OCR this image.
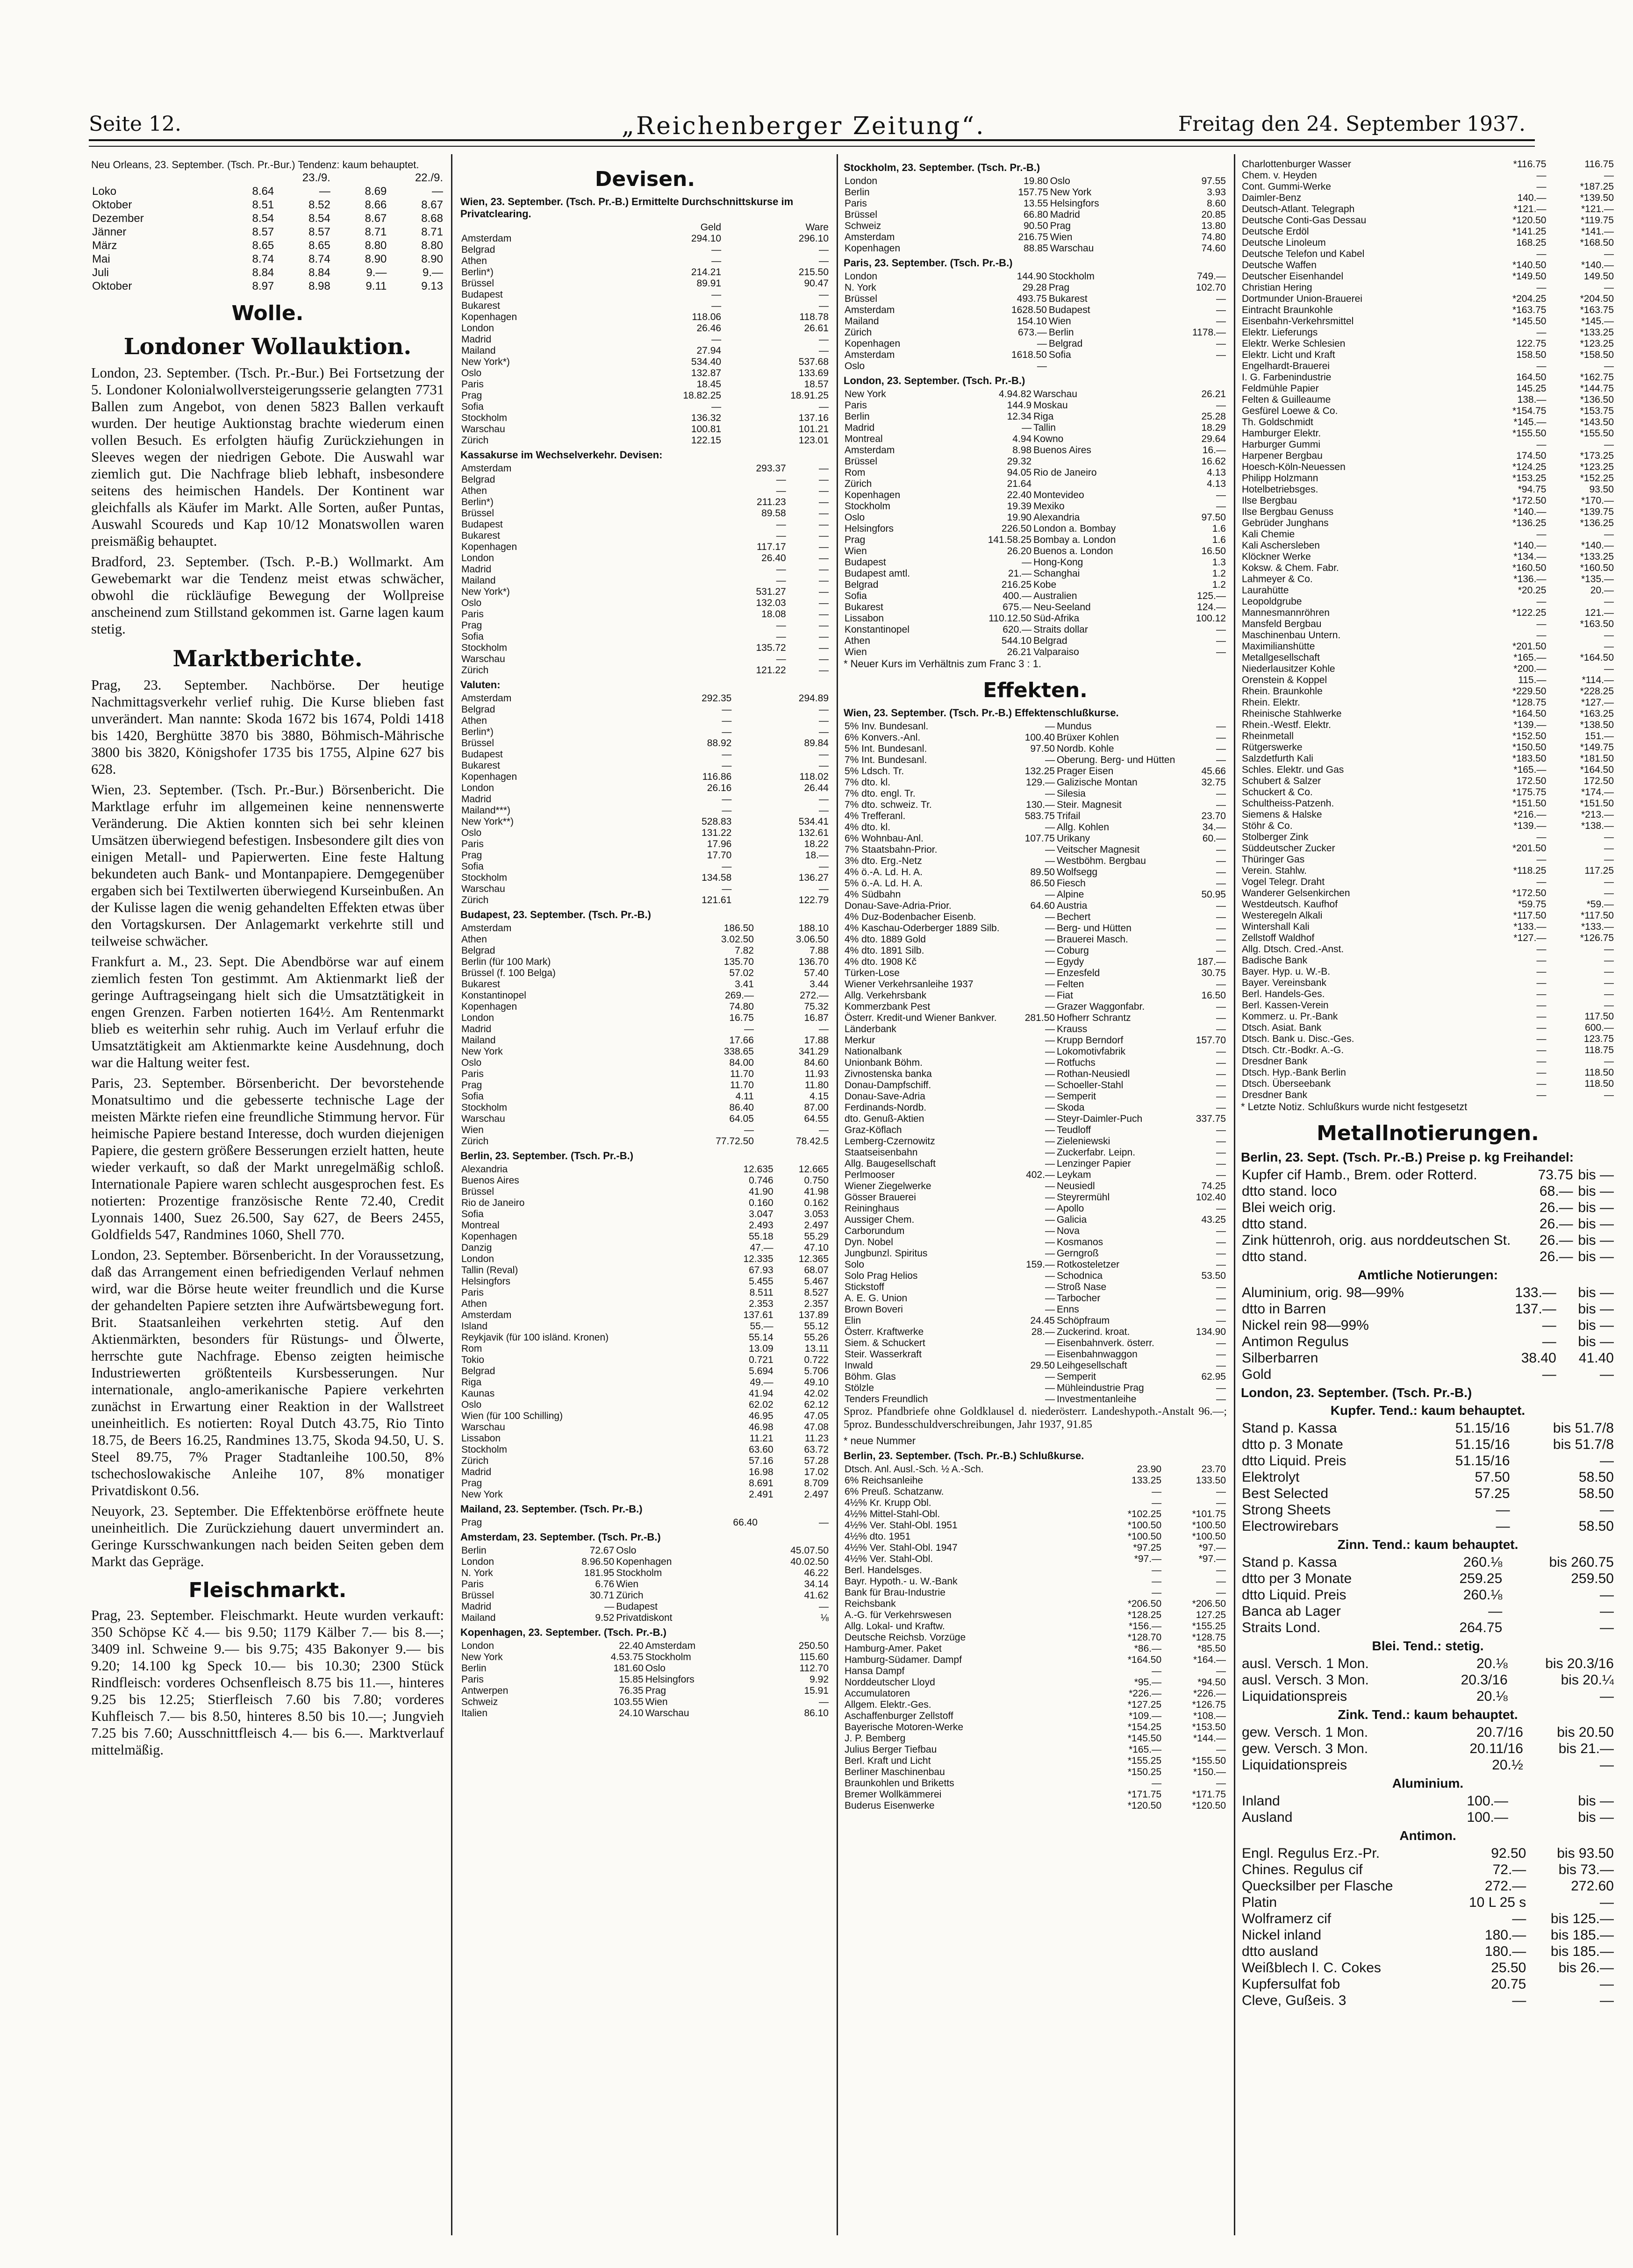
Seite 12.	„Reichenberger Zeitung“.	Freitag den 24. September 1937.
Neu Orleans, 23. September. (Tsch. Pr.-Bur.) Tendenz: kaum behauptet.
	23./9.		22./9.	
Loko	8.64	—	8.69	—
Oktober	8.51	8.52	8.66	8.67
Dezember	8.54	8.54	8.67	8.68
Jänner	8.57	8.57	8.71	8.71
März	8.65	8.65	8.80	8.80
Mai	8.74	8.74	8.90	8.90
Juli	8.84	8.84	9.—	9.—
Oktober	8.97	8.98	9.11	9.13
Wolle.
Londoner Wollauktion.

London, 23. September. (Tsch. Pr.-Bur.) Bei Fortsetzung der 5. Londoner Kolonialwollversteigerungsserie gelangten 7731 Ballen zum Angebot, von denen 5823 Ballen verkauft wurden. Der heutige Auktionstag brachte wiederum einen vollen Besuch. Es erfolgten häufig Zurückziehungen in Sleeves wegen der niedrigen Gebote. Die Auswahl war ziemlich gut. Die Nachfrage blieb lebhaft, insbesondere seitens des heimischen Handels. Der Kontinent war gleichfalls als Käufer im Markt. Alle Sorten, außer Puntas, Auswahl Scoureds und Kap 10/12 Monatswollen waren preismäßig behauptet.

Bradford, 23. September. (Tsch. P.-B.) Wollmarkt. Am Gewebemarkt war die Tendenz meist etwas schwächer, obwohl die rückläufige Bewegung der Wollpreise anscheinend zum Stillstand gekommen ist. Garne lagen kaum stetig.

Marktberichte.

Prag, 23. September. Nachbörse. Der heutige Nachmittagsverkehr verlief ruhig. Die Kurse blieben fast unverändert. Man nannte: Skoda 1672 bis 1674, Poldi 1418 bis 1420, Berghütte 3870 bis 3880, Böhmisch-Mährische 3800 bis 3820, Königshofer 1735 bis 1755, Alpine 627 bis 628.

Wien, 23. September. (Tsch. Pr.-Bur.) Börsenbericht. Die Marktlage erfuhr im allgemeinen keine nennenswerte Veränderung. Die Aktien konnten sich bei sehr kleinen Umsätzen überwiegend befestigen. Insbesondere gilt dies von einigen Metall- und Papierwerten. Eine feste Haltung bekundeten auch Bank- und Montanpapiere. Demgegenüber ergaben sich bei Textilwerten überwiegend Kurseinbußen. An der Kulisse lagen die wenig gehandelten Effekten etwas über den Vortagskursen. Der Anlagemarkt verkehrte still und teilweise schwächer.

Frankfurt a. M., 23. Sept. Die Abendbörse war auf einem ziemlich festen Ton gestimmt. Am Aktienmarkt ließ der geringe Auftragseingang hielt sich die Umsatztätigkeit in engen Grenzen. Farben notierten 164½. Am Rentenmarkt blieb es weiterhin sehr ruhig. Auch im Verlauf erfuhr die Umsatztätigkeit am Aktienmarkte keine Ausdehnung, doch war die Haltung weiter fest.

Paris, 23. September. Börsenbericht. Der bevorstehende Monatsultimo und die gebesserte technische Lage der meisten Märkte riefen eine freundliche Stimmung hervor. Für heimische Papiere bestand Interesse, doch wurden diejenigen Papiere, die gestern größere Besserungen erzielt hatten, heute wieder verkauft, so daß der Markt unregelmäßig schloß. Internationale Papiere waren schlecht ausgesprochen fest. Es notierten: Prozentige französische Rente 72.40, Credit Lyonnais 1400, Suez 26.500, Say 627, de Beers 2455, Goldfields 547, Randmines 1060, Shell 770.

London, 23. September. Börsenbericht. In der Voraussetzung, daß das Arrangement einen befriedigenden Verlauf nehmen wird, war die Börse heute weiter freundlich und die Kurse der gehandelten Papiere setzten ihre Aufwärtsbewegung fort. Brit. Staatsanleihen verkehrten stetig. Auf den Aktienmärkten, besonders für Rüstungs- und Ölwerte, herrschte gute Nachfrage. Ebenso zeigten heimische Industriewerten größtenteils Kursbesserungen. Nur internationale, anglo-amerikanische Papiere verkehrten zunächst in Erwartung einer Reaktion in der Wallstreet uneinheitlich. Es notierten: Royal Dutch 43.75, Rio Tinto 18.75, de Beers 16.25, Randmines 13.75, Skoda 94.50, U. S. Steel 89.75, 7% Prager Stadtanleihe 100.50, 8% tschechoslowakische Anleihe 107, 8% monatiger Privatdiskont 0.56.

Neuyork, 23. September. Die Effektenbörse eröffnete heute uneinheitlich. Die Zurückziehung dauert unvermindert an. Geringe Kursschwankungen nach beiden Seiten geben dem Markt das Gepräge.

Fleischmarkt.

Prag, 23. September. Fleischmarkt. Heute wurden verkauft: 350 Schöpse Kč 4.— bis 9.50; 1179 Kälber 7.— bis 8.—; 3409 inl. Schweine 9.— bis 9.75; 435 Bakonyer 9.— bis 9.20; 14.100 kg Speck 10.— bis 10.30; 2300 Stück Rindfleisch: vorderes Ochsenfleisch 8.75 bis 11.—, hinteres 9.25 bis 12.25; Stierfleisch 7.60 bis 7.80; vorderes Kuhfleisch 7.— bis 8.50, hinteres 8.50 bis 10.—; Jungvieh 7.25 bis 7.60; Ausschnittfleisch 4.— bis 6.—. Marktverlauf mittelmäßig.

Devisen.
Wien, 23. September. (Tsch. Pr.-B.) Ermittelte Durchschnittskurse im Privatclearing.
	Geld	Ware
Amsterdam	294.10	296.10
Belgrad	—	—
Athen	—	—
Berlin*)	214.21	215.50
Brüssel	89.91	90.47
Budapest	—	—
Bukarest	—	—
Kopenhagen	118.06	118.78
London	26.46	26.61
Madrid	—	—
Mailand	27.94	—
New York*)	534.40	537.68
Oslo	132.87	133.69
Paris	18.45	18.57
Prag	18.82.25	18.91.25
Sofia	—	—
Stockholm	136.32	137.16
Warschau	100.81	101.21
Zürich	122.15	123.01
Kassakurse im Wechselverkehr. Devisen:
Amsterdam	293.37	—
Belgrad	—	—
Athen	—	—
Berlin*)	211.23	—
Brüssel	89.58	—
Budapest	—	—
Bukarest	—	—
Kopenhagen	117.17	—
London	26.40	—
Madrid	—	—
Mailand	—	—
New York*)	531.27	—
Oslo	132.03	—
Paris	18.08	—
Prag	—	—
Sofia	—	—
Stockholm	135.72	—
Warschau	—	—
Zürich	121.22	—
Valuten:
Amsterdam	292.35	294.89
Belgrad	—	—
Athen	—	—
Berlin*)	—	—
Brüssel	88.92	89.84
Budapest	—	—
Bukarest	—	—
Kopenhagen	116.86	118.02
London	26.16	26.44
Madrid	—	—
Mailand***)	—	—
New York**)	528.83	534.41
Oslo	131.22	132.61
Paris	17.96	18.22
Prag	17.70	18.—
Sofia	—	—
Stockholm	134.58	136.27
Warschau	—	—
Zürich	121.61	122.79
Budapest, 23. September. (Tsch. Pr.-B.)
Amsterdam	186.50	188.10
Athen	3.02.50	3.06.50
Belgrad	7.82	7.88
Berlin (für 100 Mark)	135.70	136.70
Brüssel (f. 100 Belga)	57.02	57.40
Bukarest	3.41	3.44
Konstantinopel	269.—	272.—
Kopenhagen	74.80	75.32
London	16.75	16.87
Madrid	—	—
Mailand	17.66	17.88
New York	338.65	341.29
Oslo	84.00	84.60
Paris	11.70	11.93
Prag	11.70	11.80
Sofia	4.11	4.15
Stockholm	86.40	87.00
Warschau	64.05	64.55
Wien	—	—
Zürich	77.72.50	78.42.5
Berlin, 23. September. (Tsch. Pr.-B.)
Alexandria	12.635	12.665
Buenos Aires	0.746	0.750
Brüssel	41.90	41.98
Rio de Janeiro	0.160	0.162
Sofia	3.047	3.053
Montreal	2.493	2.497
Kopenhagen	55.18	55.29
Danzig	47.—	47.10
London	12.335	12.365
Tallin (Reval)	67.93	68.07
Helsingfors	5.455	5.467
Paris	8.511	8.527
Athen	2.353	2.357
Amsterdam	137.61	137.89
Island	55.—	55.12
Reykjavik (für 100 isländ. Kronen)	55.14	55.26
Rom	13.09	13.11
Tokio	0.721	0.722
Belgrad	5.694	5.706
Riga	49.—	49.10
Kaunas	41.94	42.02
Oslo	62.02	62.12
Wien (für 100 Schilling)	46.95	47.05
Warschau	46.98	47.08
Lissabon	11.21	11.23
Stockholm	63.60	63.72
Zürich	57.16	57.28
Madrid	16.98	17.02
Prag	8.691	8.709
New York	2.491	2.497
Mailand, 23. September. (Tsch. Pr.-B.)
Prag	66.40	—
Amsterdam, 23. September. (Tsch. Pr.-B.)
Berlin	72.67	Oslo	45.07.50
London	8.96.50	Kopenhagen	40.02.50
N. York	181.95	Stockholm	46.22
Paris	6.76	Wien	34.14
Brüssel	30.71	Zürich	41.62
Madrid	—	Budapest	—
Mailand	9.52	Privatdiskont	⅛
Kopenhagen, 23. September. (Tsch. Pr.-B.)
London	22.40	Amsterdam	250.50
New York	4.53.75	Stockholm	115.60
Berlin	181.60	Oslo	112.70
Paris	15.85	Helsingfors	9.92
Antwerpen	76.35	Prag	15.91
Schweiz	103.55	Wien	—
Italien	24.10	Warschau	86.10
Stockholm, 23. September. (Tsch. Pr.-B.)
London	19.80	Oslo	97.55
Berlin	157.75	New York	3.93
Paris	13.55	Helsingfors	8.60
Brüssel	66.80	Madrid	20.85
Schweiz	90.50	Prag	13.80
Amsterdam	216.75	Wien	74.80
Kopenhagen	88.85	Warschau	74.60
Paris, 23. September. (Tsch. Pr.-B.)
London	144.90	Stockholm	749.—
N. York	29.28	Prag	102.70
Brüssel	493.75	Bukarest	—
Amsterdam	1628.50	Budapest	—
Mailand	154.10	Wien	—
Zürich	673.—	Berlin	1178.—
Kopenhagen	—	Belgrad	—
Amsterdam	1618.50	Sofia	—
Oslo	—		
London, 23. September. (Tsch. Pr.-B.)
New York	4.94.82	Warschau	26.21
Paris	144.9	Moskau	—
Berlin	12.34	Riga	25.28
Madrid	—	Tallin	18.29
Montreal	4.94	Kowno	29.64
Amsterdam	8.98	Buenos Aires	16.—
Brüssel	29.32		16.62
Rom	94.05	Rio de Janeiro	4.13
Zürich	21.64		4.13
Kopenhagen	22.40	Montevideo	—
Stockholm	19.39	Mexiko	—
Oslo	19.90	Alexandria	97.50
Helsingfors	226.50	London a. Bombay	1.6
Prag	141.58.25	Bombay a. London	1.6
Wien	26.20	Buenos a. London	16.50
Budapest	—	Hong-Kong	1.3
Budapest amtl.	21.—	Schanghai	1.2
Belgrad	216.25	Kobe	1.2
Sofia	400.—	Australien	125.—
Bukarest	675.—	Neu-Seeland	124.—
Lissabon	110.12.50	Süd-Afrika	100.12
Konstantinopel	620.—	Straits dollar	—
Athen	544.10	Belgrad	—
Wien	26.21	Valparaiso	—
* Neuer Kurs im Verhältnis zum Franc 3 : 1.
Effekten.
Wien, 23. September. (Tsch. Pr.-B.) Effektenschlußkurse.
5% Inv. Bundesanl.	—	Mundus	—
6% Konvers.-Anl.	100.40	Brüxer Kohlen	—
5% Int. Bundesanl.	97.50	Nordb. Kohle	—
7% Int. Bundesanl.	—	Oberung. Berg- und Hütten	—
5% Ldsch. Tr.	132.25	Prager Eisen	45.66
7% dto. kl.	129.—	Galizische Montan	32.75
7% dto. engl. Tr.	—	Silesia	—
7% dto. schweiz. Tr.	130.—	Steir. Magnesit	—
4% Trefferanl.	583.75	Trifail	23.70
4% dto. kl.	—	Allg. Kohlen	34.—
6% Wohnbau-Anl.	107.75	Urikany	60.—
7% Staatsbahn-Prior.	—	Veitscher Magnesit	—
3% dto. Erg.-Netz	—	Westböhm. Bergbau	—
4% ö.-A. Ld. H. A.	89.50	Wolfsegg	—
5% ö.-A. Ld. H. A.	86.50	Fiesch	—
4% Südbahn	—	Alpine	50.95
Donau-Save-Adria-Prior.	64.60	Austria	—
4% Duz-Bodenbacher Eisenb.	—	Bechert	—
4% Kaschau-Oderberger 1889 Silb.	—	Berg- und Hütten	—
4% dto. 1889 Gold	—	Brauerei Masch.	—
4% dto. 1891 Silb.	—	Coburg	—
4% dto. 1908 Kč	—	Egydy	187.—
Türken-Lose	—	Enzesfeld	30.75
Wiener Verkehrsanleihe 1937	—	Felten	—
Allg. Verkehrsbank	—	Fiat	16.50
Kommerzbank Pest	—	Grazer Waggonfabr.	—
Österr. Kredit-und Wiener Bankver.	281.50	Hofherr Schrantz	—
Länderbank	—	Krauss	—
Merkur	—	Krupp Berndorf	157.70
Nationalbank	—	Lokomotivfabrik	—
Unionbank Böhm.	—	Rotfuchs	—
Zivnostenska banka	—	Rothan-Neusiedl	—
Donau-Dampfschiff.	—	Schoeller-Stahl	—
Donau-Save-Adria	—	Semperit	—
Ferdinands-Nordb.	—	Skoda	—
dto. Genuß-Aktien	—	Steyr-Daimler-Puch	337.75
Graz-Köflach	—	Teudloff	—
Lemberg-Czernowitz	—	Zieleniewski	—
Staatseisenbahn	—	Zuckerfabr. Leipn.	—
Allg. Baugesellschaft	—	Lenzinger Papier	—
Perlmooser	402.—	Leykam	—
Wiener Ziegelwerke	—	Neusiedl	74.25
Gösser Brauerei	—	Steyrermühl	102.40
Reininghaus	—	Apollo	—
Aussiger Chem.	—	Galicia	43.25
Carborundum	—	Nova	—
Dyn. Nobel	—	Kosmanos	—
Jungbunzl. Spiritus	—	Gerngroß	—
Solo	159.—	Rotkosteletzer	—
Solo Prag Helios	—	Schodnica	53.50
Stickstoff	—	Stroß Nase	—
A. E. G. Union	—	Tarbocher	—
Brown Boveri	—	Enns	—
Elin	24.45	Schöpfraum	—
Österr. Kraftwerke	28.—	Zuckerind. kroat.	134.90
Siem. & Schuckert	—	Eisenbahnverk. österr.	—
Steir. Wasserkraft	—	Eisenbahnwaggon	—
Inwald	29.50	Leihgesellschaft	—
Böhm. Glas	—	Semperit	62.95
Stölzle	—	Mühleindustrie Prag	—
Tenders Freundlich	—	Investmentanleihe	—

Sproz. Pfandbriefe ohne Goldklausel d. niederösterr. Landeshypoth.-Anstalt 96.—; 5proz. Bundesschuldverschreibungen, Jahr 1937, 91.85

* neue Nummer
Berlin, 23. September. (Tsch. Pr.-B.) Schlußkurse.
Dtsch. Anl. Ausl.-Sch. ½ A.-Sch.	23.90	23.70
6% Reichsanleihe	133.25	133.50
6% Preuß. Schatzanw.	—	—
4½% Kr. Krupp Obl.	—	—
4½% Mittel-Stahl-Obl.	*102.25	*101.75
4½% Ver. Stahl-Obl. 1951	*100.50	*100.50
4½% dto. 1951	*100.50	*100.50
4½% Ver. Stahl-Obl. 1947	*97.25	*97.—
4½% Ver. Stahl-Obl.	*97.—	*97.—
Berl. Handelsges.	—	—
Bayr. Hypoth.- u. W.-Bank	—	—
Bank für Brau-Industrie	—	—
Reichsbank	*206.50	*206.50
A.-G. für Verkehrswesen	*128.25	127.25
Allg. Lokal- und Kraftw.	*156.—	*155.25
Deutsche Reichsb. Vorzüge	*128.70	*128.75
Hamburg-Amer. Paket	*86.—	*85.50
Hamburg-Südamer. Dampf	*164.50	*164.—
Hansa Dampf	—	—
Norddeutscher Lloyd	*95.—	*94.50
Accumulatoren	*226.—	*226.—
Allgem. Elektr.-Ges.	*127.25	*126.75
Aschaffenburger Zellstoff	*109.—	*108.—
Bayerische Motoren-Werke	*154.25	*153.50
J. P. Bemberg	*145.50	*144.—
Julius Berger Tiefbau	*165.—	—
Berl. Kraft und Licht	*155.25	*155.50
Berliner Maschinenbau	*150.25	*150.—
Braunkohlen und Briketts	—	—
Bremer Wollkämmerei	*171.75	*171.75
Buderus Eisenwerke	*120.50	*120.50
Charlottenburger Wasser	*116.75	116.75
Chem. v. Heyden	—	—
Cont. Gummi-Werke	—	*187.25
Daimler-Benz	140.—	*139.50
Deutsch-Atlant. Telegraph	*121.—	*121.—
Deutsche Conti-Gas Dessau	*120.50	*119.75
Deutsche Erdöl	*141.25	*141.—
Deutsche Linoleum	168.25	*168.50
Deutsche Telefon und Kabel	—	—
Deutsche Waffen	*140.50	*140.—
Deutscher Eisenhandel	*149.50	149.50
Christian Hering	—	—
Dortmunder Union-Brauerei	*204.25	*204.50
Eintracht Braunkohle	*163.75	*163.75
Eisenbahn-Verkehrsmittel	*145.50	*145.—
Elektr. Lieferungs	—	*133.25
Elektr. Werke Schlesien	122.75	*123.25
Elektr. Licht und Kraft	158.50	*158.50
Engelhardt-Brauerei	—	—
I. G. Farbenindustrie	164.50	*162.75
Feldmühle Papier	145.25	*144.75
Felten & Guilleaume	138.—	*136.50
Gesfürel Loewe & Co.	*154.75	*153.75
Th. Goldschmidt	*145.—	*143.50
Hamburger Elektr.	*155.50	*155.50
Harburger Gummi	—	—
Harpener Bergbau	174.50	*173.25
Hoesch-Köln-Neuessen	*124.25	*123.25
Philipp Holzmann	*153.25	*152.25
Hotelbetriebsges.	*94.75	93.50
Ilse Bergbau	*172.50	*170.—
Ilse Bergbau Genuss	*140.—	*139.75
Gebrüder Junghans	*136.25	*136.25
Kali Chemie	—	—
Kali Aschersleben	*140.—	*140.—
Klöckner Werke	*134.—	*133.25
Koksw. & Chem. Fabr.	*160.50	*160.50
Lahmeyer & Co.	*136.—	*135.—
Laurahütte	*20.25	20.—
Leopoldgrube	—	—
Mannesmannröhren	*122.25	121.—
Mansfeld Bergbau	—	*163.50
Maschinenbau Untern.	—	—
Maximilianshütte	*201.50	—
Metallgesellschaft	*165.—	*164.50
Niederlausitzer Kohle	*200.—	—
Orenstein & Koppel	115.—	*114.—
Rhein. Braunkohle	*229.50	*228.25
Rhein. Elektr.	*128.75	*127.—
Rheinische Stahlwerke	*164.50	*163.25
Rhein.-Westf. Elektr.	*139.—	*138.50
Rheinmetall	*152.50	151.—
Rütgerswerke	*150.50	*149.75
Salzdetfurth Kali	*183.50	*181.50
Schles. Elektr. und Gas	*165.—	*164.50
Schubert & Salzer	172.50	172.50
Schuckert & Co.	*175.75	*174.—
Schultheiss-Patzenh.	*151.50	*151.50
Siemens & Halske	*216.—	*213.—
Stöhr & Co.	*139.—	*138.—
Stolberger Zink	—	—
Süddeutscher Zucker	*201.50	—
Thüringer Gas	—	—
Verein. Stahlw.	*118.25	117.25
Vogel Telegr. Draht	—	—
Wanderer Gelsenkirchen	*172.50	—
Westdeutsch. Kaufhof	*59.75	*59.—
Westeregeln Alkali	*117.50	*117.50
Wintershall Kali	*133.—	*133.—
Zellstoff Waldhof	*127.—	*126.75
Allg. Dtsch. Cred.-Anst.	—	—
Badische Bank	—	—
Bayer. Hyp. u. W.-B.	—	—
Bayer. Vereinsbank	—	—
Berl. Handels-Ges.	—	—
Berl. Kassen-Verein	—	—
Kommerz. u. Pr.-Bank	—	117.50
Dtsch. Asiat. Bank	—	600.—
Dtsch. Bank u. Disc.-Ges.	—	123.75
Dtsch. Ctr.-Bodkr. A.-G.	—	118.75
Dresdner Bank	—	—
Dtsch. Hyp.-Bank Berlin	—	118.50
Dtsch. Überseebank	—	118.50
Dresdner Bank	—	—
* Letzte Notiz. Schlußkurs wurde nicht festgesetzt
Metallnotierungen.
Berlin, 23. Sept. (Tsch. Pr.-B.) Preise p. kg Freihandel:
Kupfer cif Hamb., Brem. oder Rotterd.	73.75	bis —
dtto stand. loco	68.—	bis —
Blei weich orig.	26.—	bis —
dtto stand.	26.—	bis —
Zink hüttenroh, orig. aus norddeutschen St.	26.—	bis —
dtto stand.	26.—	bis —
Amtliche Notierungen:
Aluminium, orig. 98—99%	133.—	bis —
dtto in Barren	137.—	bis —
Nickel rein 98—99%	—	bis —
Antimon Regulus	—	bis —
Silberbarren	38.40	41.40
Gold	—	—
London, 23. September. (Tsch. Pr.-B.)
Kupfer. Tend.: kaum behauptet.
Stand p. Kassa	51.15/16	bis 51.7/8
dtto p. 3 Monate	51.15/16	bis 51.7/8
dtto Liquid. Preis	51.15/16	—
Elektrolyt	57.50	58.50
Best Selected	57.25	58.50
Strong Sheets	—	—
Electrowirebars	—	58.50
Zinn. Tend.: kaum behauptet.
Stand p. Kassa	260.⅛	bis 260.75
dtto per 3 Monate	259.25	259.50
dtto Liquid. Preis	260.⅛	—
Banca ab Lager	—	—
Straits Lond.	264.75	—
Blei. Tend.: stetig.
ausl. Versch. 1 Mon.	20.⅛	bis 20.3/16
ausl. Versch. 3 Mon.	20.3/16	bis 20.¼
Liquidationspreis	20.⅛	—
Zink. Tend.: kaum behauptet.
gew. Versch. 1 Mon.	20.7/16	bis 20.50
gew. Versch. 3 Mon.	20.11/16	bis 21.—
Liquidationspreis	20.½	—
Aluminium.
Inland	100.—	bis —
Ausland	100.—	bis —
Antimon.
Engl. Regulus Erz.-Pr.	92.50	bis 93.50
Chines. Regulus cif	72.—	bis 73.—
Quecksilber per Flasche	272.—	272.60
Platin	10 L 25 s	—
Wolframerz cif	—	bis 125.—
Nickel inland	180.—	bis 185.—
dtto ausland	180.—	bis 185.—
Weißblech I. C. Cokes	25.50	bis 26.—
Kupfersulfat fob	20.75	—
Cleve, Gußeis. 3	—	—
